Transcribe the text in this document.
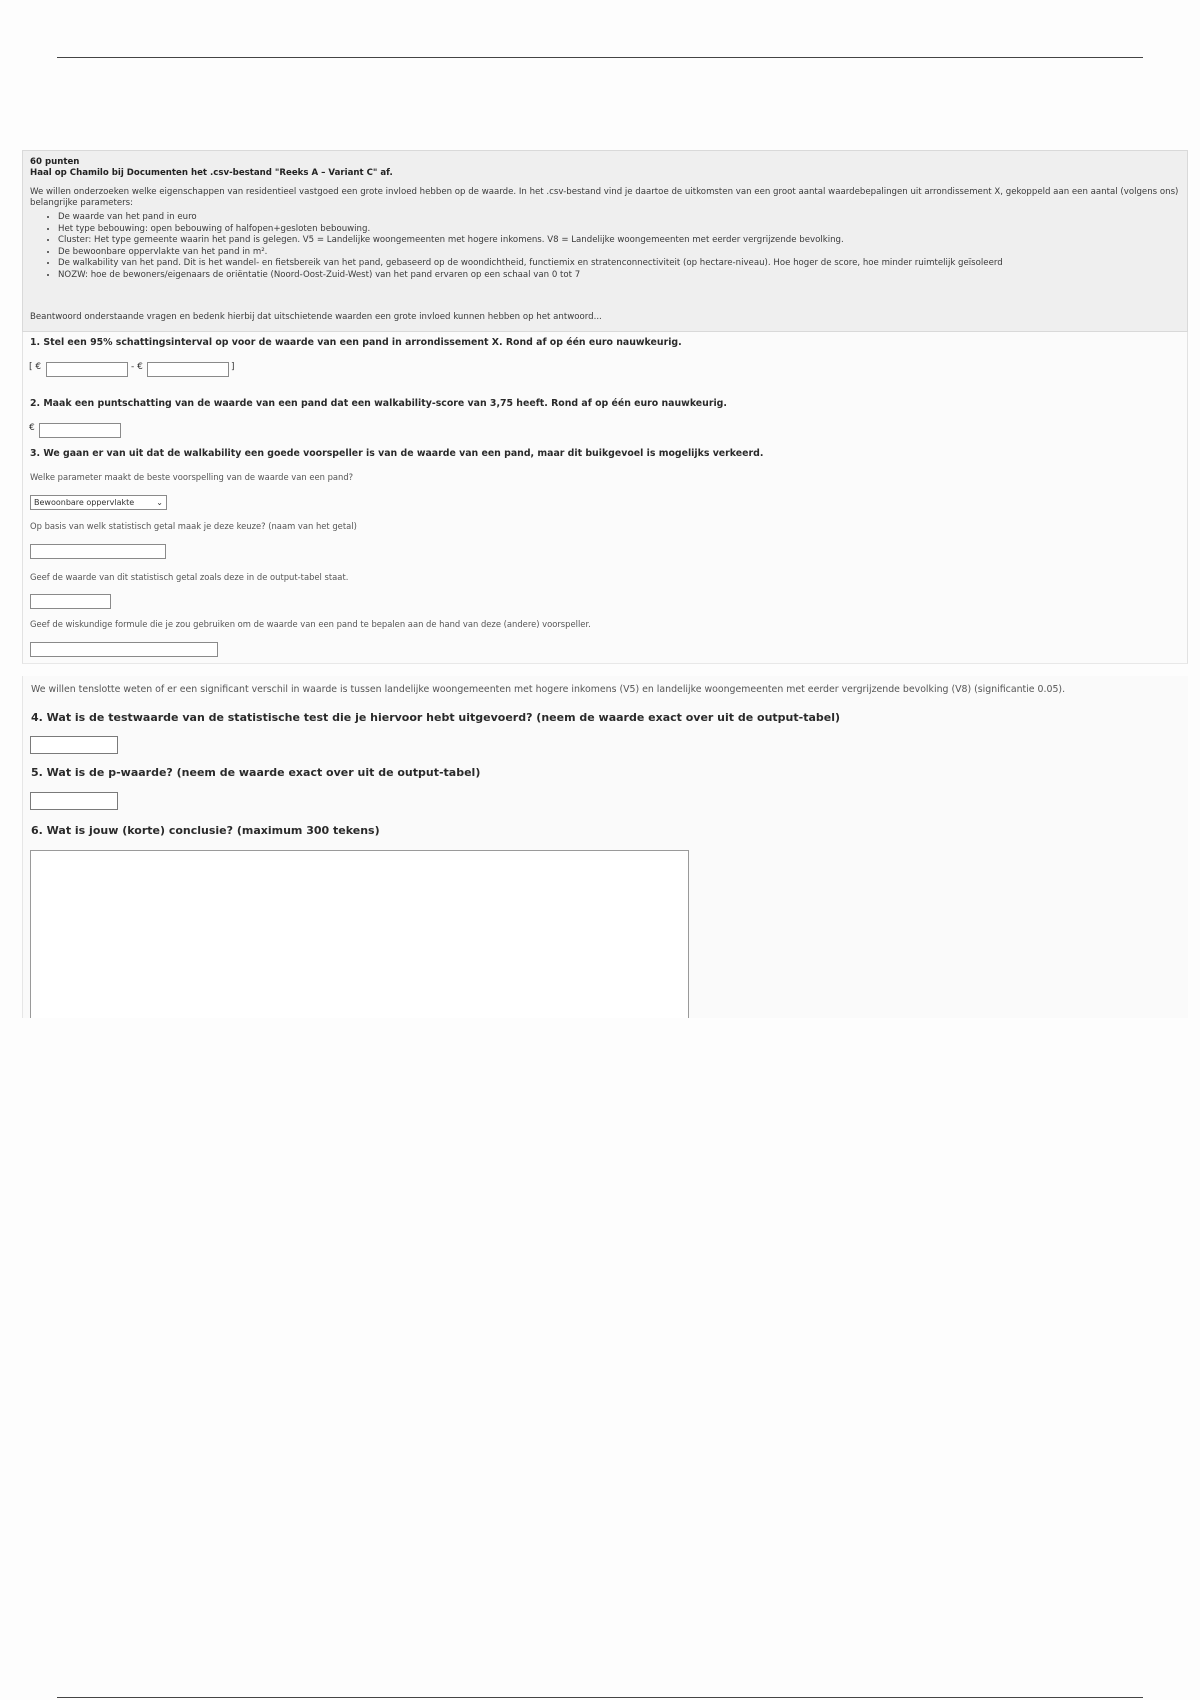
60 punten

Haal op Chamilo bij Documenten het .csv-bestand "Reeks A – Variant C" af.

We willen onderzoeken welke eigenschappen van residentieel vastgoed een grote invloed hebben op de waarde. In het .csv-bestand vind je daartoe de uitkomsten van een groot aantal waardebepalingen uit arrondissement X, gekoppeld aan een aantal (volgens ons) belangrijke parameters:

• De waarde van het pand in euro
• Het type bebouwing: open bebouwing of halfopen+gesloten bebouwing.
• Cluster: Het type gemeente waarin het pand is gelegen. V5 = Landelijke woongemeenten met hogere inkomens. V8 = Landelijke woongemeenten met eerder vergrijzende bevolking.
• De bewoonbare oppervlakte van het pand in m².
• De walkability van het pand. Dit is het wandel- en fietsbereik van het pand, gebaseerd op de woondichtheid, functiemix en stratenconnectiviteit (op hectare-niveau). Hoe hoger de score, hoe minder ruimtelijk geïsoleerd
• NOZW: hoe de bewoners/eigenaars de oriëntatie (Noord-Oost-Zuid-West) van het pand ervaren op een schaal van 0 tot 7

Beantwoord onderstaande vragen en bedenk hierbij dat uitschietende waarden een grote invloed kunnen hebben op het antwoord...

1. Stel een 95% schattingsinterval op voor de waarde van een pand in arrondissement X. Rond af op één euro nauwkeurig.
[ €	- €	]
2. Maak een puntschatting van de waarde van een pand dat een walkability-score van 3,75 heeft. Rond af op één euro nauwkeurig.
€
3. We gaan er van uit dat de walkability een goede voorspeller is van de waarde van een pand, maar dit buikgevoel is mogelijks verkeerd.
Welke parameter maakt de beste voorspelling van de waarde van een pand?
Bewoonbare oppervlakte	⌄
Op basis van welk statistisch getal maak je deze keuze? (naam van het getal)
Geef de waarde van dit statistisch getal zoals deze in de output-tabel staat.
Geef de wiskundige formule die je zou gebruiken om de waarde van een pand te bepalen aan de hand van deze (andere) voorspeller.
We willen tenslotte weten of er een significant verschil in waarde is tussen landelijke woongemeenten met hogere inkomens (V5) en landelijke woongemeenten met eerder vergrijzende bevolking (V8) (significantie 0.05).
4. Wat is de testwaarde van de statistische test die je hiervoor hebt uitgevoerd? (neem de waarde exact over uit de output-tabel)
5. Wat is de p-waarde? (neem de waarde exact over uit de output-tabel)
6. Wat is jouw (korte) conclusie? (maximum 300 tekens)
